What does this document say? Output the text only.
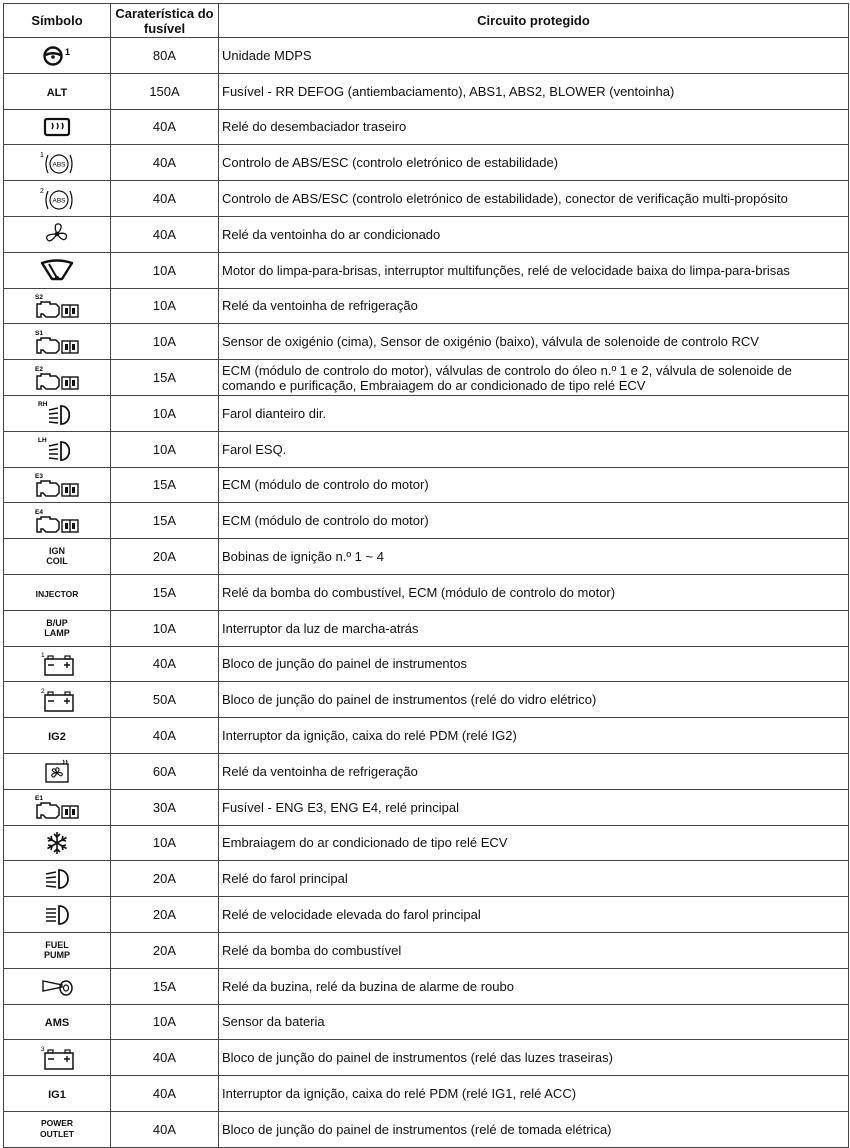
Símbolo	Caraterística do fusível	Circuito protegido

1	80A	Unidade MDPS
ALT	150A	Fusível - RR DEFOG (antiembaciamento), ABS1, ABS2, BLOWER (ventoinha)
	40A	Relé do desembaciador traseiro

1
ABS	40A	Controlo de ABS/ESC (controlo eletrónico de estabilidade)

2
ABS	40A	Controlo de ABS/ESC (controlo eletrónico de estabilidade), conector de verificação multi-propósito
	40A	Relé da ventoinha do ar condicionado
	10A	Motor do limpa-para-brisas, interruptor multifunções, relé de velocidade baixa do limpa-para-brisas

S2	10A	Relé da ventoinha de refrigeração

S1	10A	Sensor de oxigénio (cima), Sensor de oxigénio (baixo), válvula de solenoide de controlo RCV

E2	15A	ECM (módulo de controlo do motor), válvulas de controlo do óleo n.º 1 e 2, válvula de solenoide de comando e purificação, Embraiagem do ar condicionado de tipo relé ECV

RH	10A	Farol dianteiro dir.

LH	10A	Farol ESQ.

E3	15A	ECM (módulo de controlo do motor)

E4	15A	ECM (módulo de controlo do motor)
IGN COIL	20A	Bobinas de ignição n.º 1 ~ 4
INJECTOR	15A	Relé da bomba do combustível, ECM (módulo de controlo do motor)
B/UP LAMP	10A	Interruptor da luz de marcha-atrás

1	40A	Bloco de junção do painel de instrumentos

2	50A	Bloco de junção do painel de instrumentos (relé do vidro elétrico)
IG2	40A	Interruptor da ignição, caixa do relé PDM (relé IG2)
	60A	Relé da ventoinha de refrigeração

E1	30A	Fusível - ENG E3, ENG E4, relé principal
	10A	Embraiagem do ar condicionado de tipo relé ECV
	20A	Relé do farol principal
	20A	Relé de velocidade elevada do farol principal
FUEL PUMP	20A	Relé da bomba do combustível
	15A	Relé da buzina, relé da buzina de alarme de roubo
AMS	10A	Sensor da bateria

3	40A	Bloco de junção do painel de instrumentos (relé das luzes traseiras)
IG1	40A	Interruptor da ignição, caixa do relé PDM (relé IG1, relé ACC)
POWER OUTLET	40A	Bloco de junção do painel de instrumentos (relé de tomada elétrica)
